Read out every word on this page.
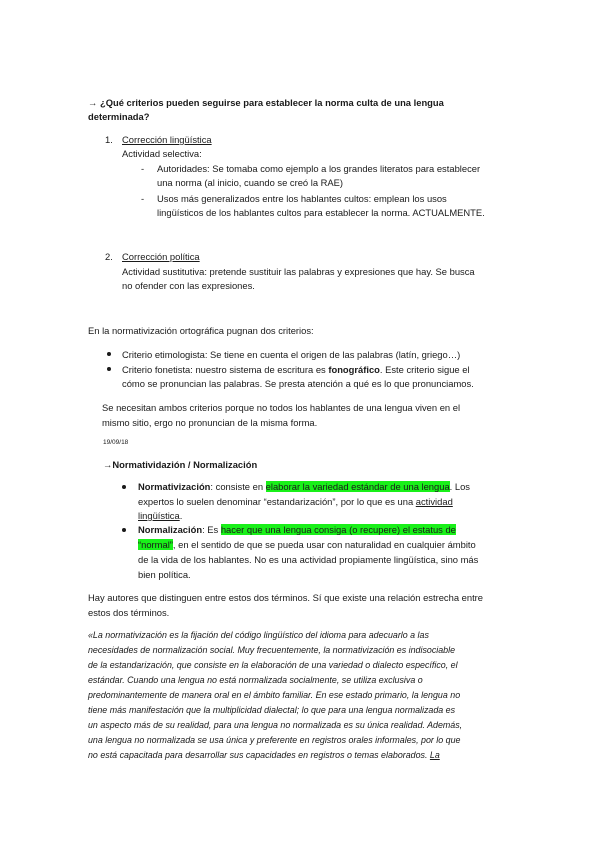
→ ¿Qué criterios pueden seguirse para establecer la norma culta de una lengua
determinada?
1. Corrección lingüística
Actividad selectiva:
- Autoridades: Se tomaba como ejemplo a los grandes literatos para establecer
una norma (al inicio, cuando se creó la RAE)
- Usos más generalizados entre los hablantes cultos: emplean los usos
lingüísticos de los hablantes cultos para establecer la norma. ACTUALMENTE.
2. Corrección política
Actividad sustitutiva: pretende sustituir las palabras y expresiones que hay. Se busca
no ofender con las expresiones.
En la normativización ortográfica pugnan dos criterios:
Criterio etimologista: Se tiene en cuenta el origen de las palabras (latín, griego…)
Criterio fonetista: nuestro sistema de escritura es fonográfico. Este criterio sigue el
cómo se pronuncian las palabras. Se presta atención a qué es lo que pronunciamos.
Se necesitan ambos criterios porque no todos los hablantes de una lengua viven en el
mismo sitio, ergo no pronuncian de la misma forma.
19/09/18
→Normatividazión / Normalización
Normativización: consiste en elaborar la variedad estándar de una lengua. Los
expertos lo suelen denominar “estandarización”, por lo que es una actividad
lingüística.
Normalización: Es hacer que una lengua consiga (o recupere) el estatus de
“normal”, en el sentido de que se pueda usar con naturalidad en cualquier ámbito
de la vida de los hablantes. No es una actividad propiamente lingüística, sino más
bien política.
Hay autores que distinguen entre estos dos términos. Sí que existe una relación estrecha entre
estos dos términos.
«La normativización es la fijación del código lingüístico del idioma para adecuarlo a las
necesidades de normalización social. Muy frecuentemente, la normativización es indisociable
de la estandarización, que consiste en la elaboración de una variedad o dialecto específico, el
estándar. Cuando una lengua no está normalizada socialmente, se utiliza exclusiva o
predominantemente de manera oral en el ámbito familiar. En ese estado primario, la lengua no
tiene más manifestación que la multiplicidad dialectal; lo que para una lengua normalizada es
un aspecto más de su realidad, para una lengua no normalizada es su única realidad. Además,
una lengua no normalizada se usa única y preferente en registros orales informales, por lo que
no está capacitada para desarrollar sus capacidades en registros o temas elaborados. La
